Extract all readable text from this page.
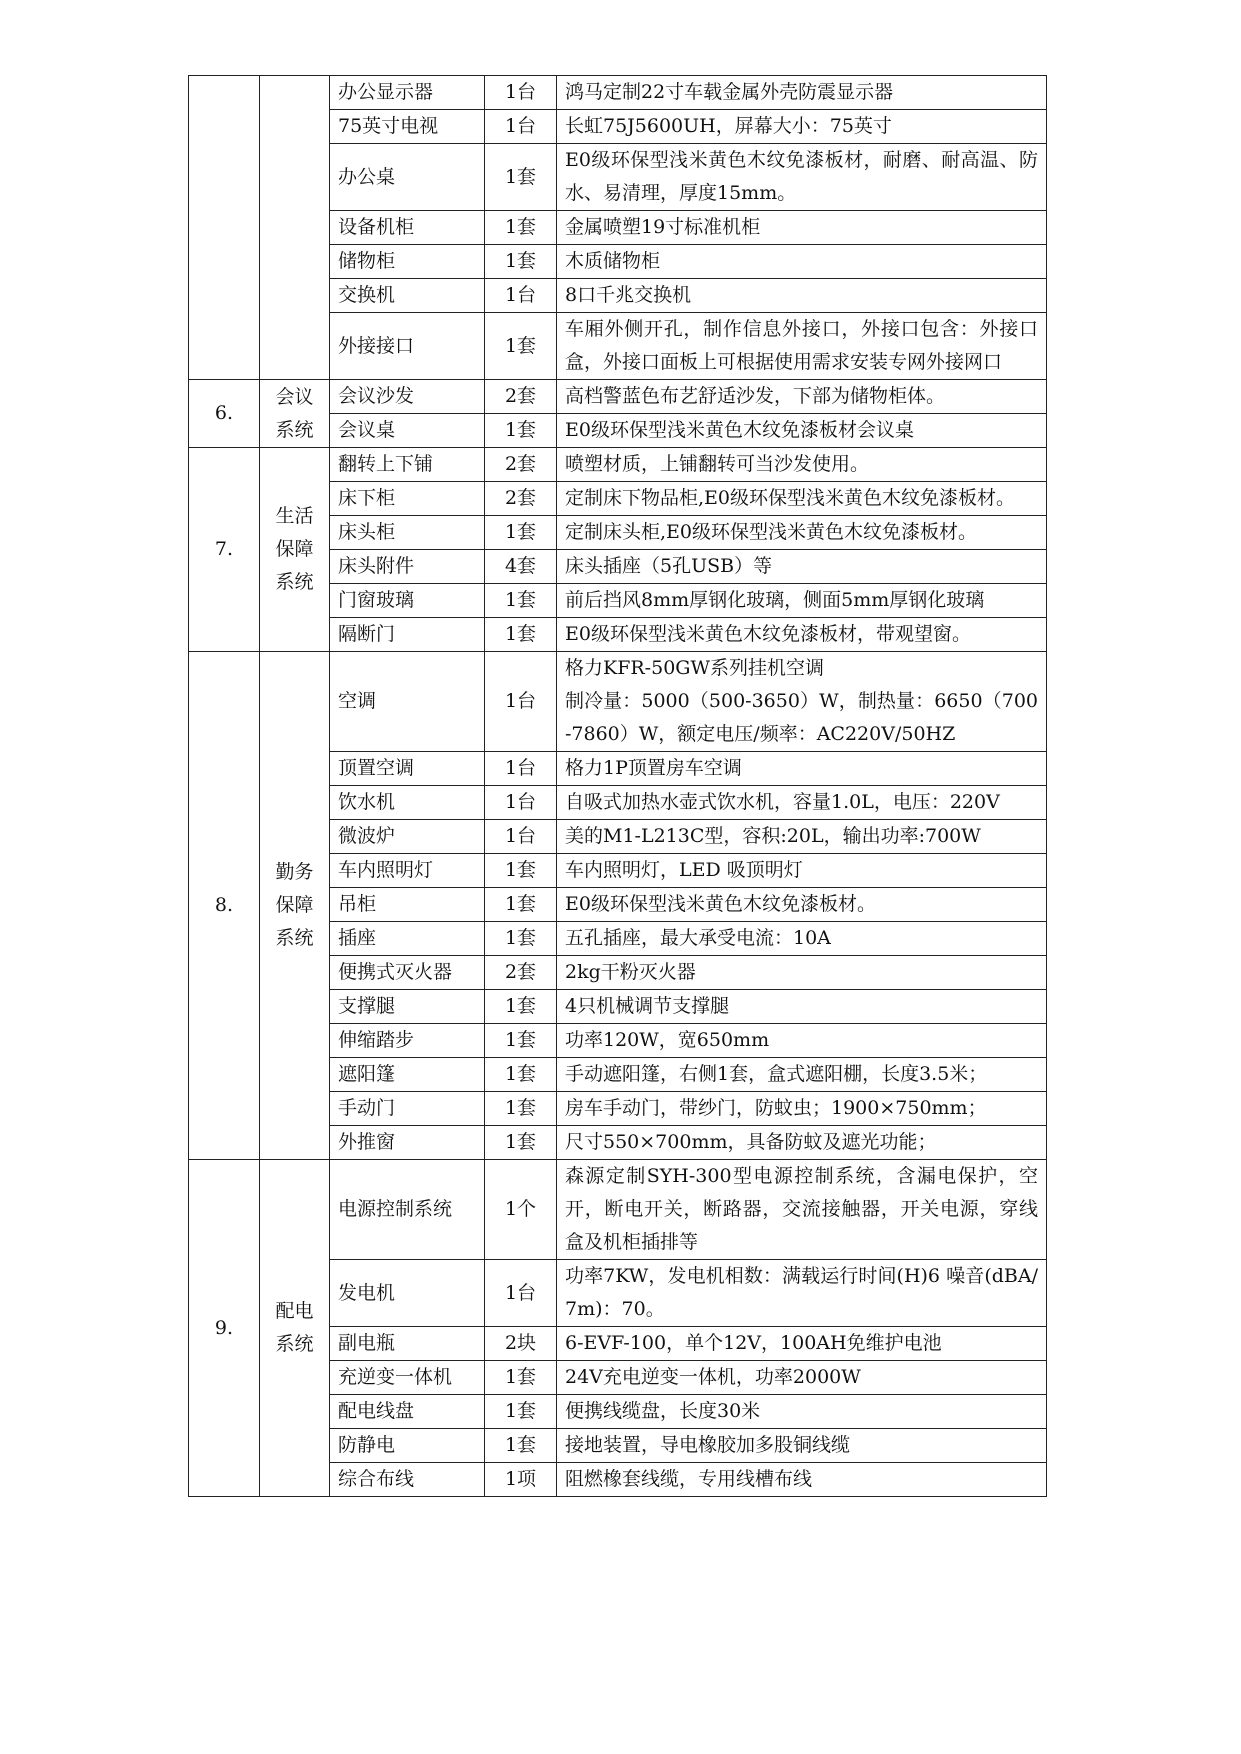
		办公显示器	1台	鸿马定制22寸车载金属外壳防震显示器
		75英寸电视	1台	长虹75J5600UH，屏幕大小：75英寸
		办公桌	1套	E0级环保型浅米黄色木纹免漆板材，耐磨、耐高温、防水、易清理，厚度15mm。
		设备机柜	1套	金属喷塑19寸标准机柜
		储物柜	1套	木质储物柜
		交换机	1台	8口千兆交换机
		外接接口	1套	车厢外侧开孔，制作信息外接口，外接口包含：外接口盒，外接口面板上可根据使用需求安装专网外接网口
6.	会议系统	会议沙发	2套	高档警蓝色布艺舒适沙发，下部为储物柜体。
		会议桌	1套	E0级环保型浅米黄色木纹免漆板材会议桌
7.	生活保障系统	翻转上下铺	2套	喷塑材质，上铺翻转可当沙发使用。
		床下柜	2套	定制床下物品柜,E0级环保型浅米黄色木纹免漆板材。
		床头柜	1套	定制床头柜,E0级环保型浅米黄色木纹免漆板材。
		床头附件	4套	床头插座（5孔USB）等
		门窗玻璃	1套	前后挡风8mm厚钢化玻璃，侧面5mm厚钢化玻璃
		隔断门	1套	E0级环保型浅米黄色木纹免漆板材，带观望窗。
8.	勤务保障系统	空调	1台	格力KFR-50GW系列挂机空调
制冷量：5000（500-3650）W，制热量：6650（700-7860）W，额定电压/频率：AC220V/50HZ
		顶置空调	1台	格力1P顶置房车空调
		饮水机	1台	自吸式加热水壶式饮水机，容量1.0L，电压：220V
		微波炉	1台	美的M1-L213C型，容积:20L，输出功率:700W
		车内照明灯	1套	车内照明灯，LED 吸顶明灯
		吊柜	1套	E0级环保型浅米黄色木纹免漆板材。
		插座	1套	五孔插座，最大承受电流：10A
		便携式灭火器	2套	2kg干粉灭火器
		支撑腿	1套	4只机械调节支撑腿
		伸缩踏步	1套	功率120W，宽650mm
		遮阳篷	1套	手动遮阳篷，右侧1套，盒式遮阳棚，长度3.5米；
		手动门	1套	房车手动门，带纱门，防蚊虫；1900×750mm；
		外推窗	1套	尺寸550×700mm，具备防蚊及遮光功能；
9.	配电系统	电源控制系统	1个	森源定制SYH-300型电源控制系统，含漏电保护，空开，断电开关，断路器，交流接触器，开关电源，穿线盒及机柜插排等
		发电机	1台	功率7KW，发电机相数：满载运行时间(H)6 噪音(dBA/7m)：70。
		副电瓶	2块	6-EVF-100，单个12V，100AH免维护电池
		充逆变一体机	1套	24V充电逆变一体机，功率2000W
		配电线盘	1套	便携线缆盘，长度30米
		防静电	1套	接地装置，导电橡胶加多股铜线缆
		综合布线	1项	阻燃橡套线缆，专用线槽布线
